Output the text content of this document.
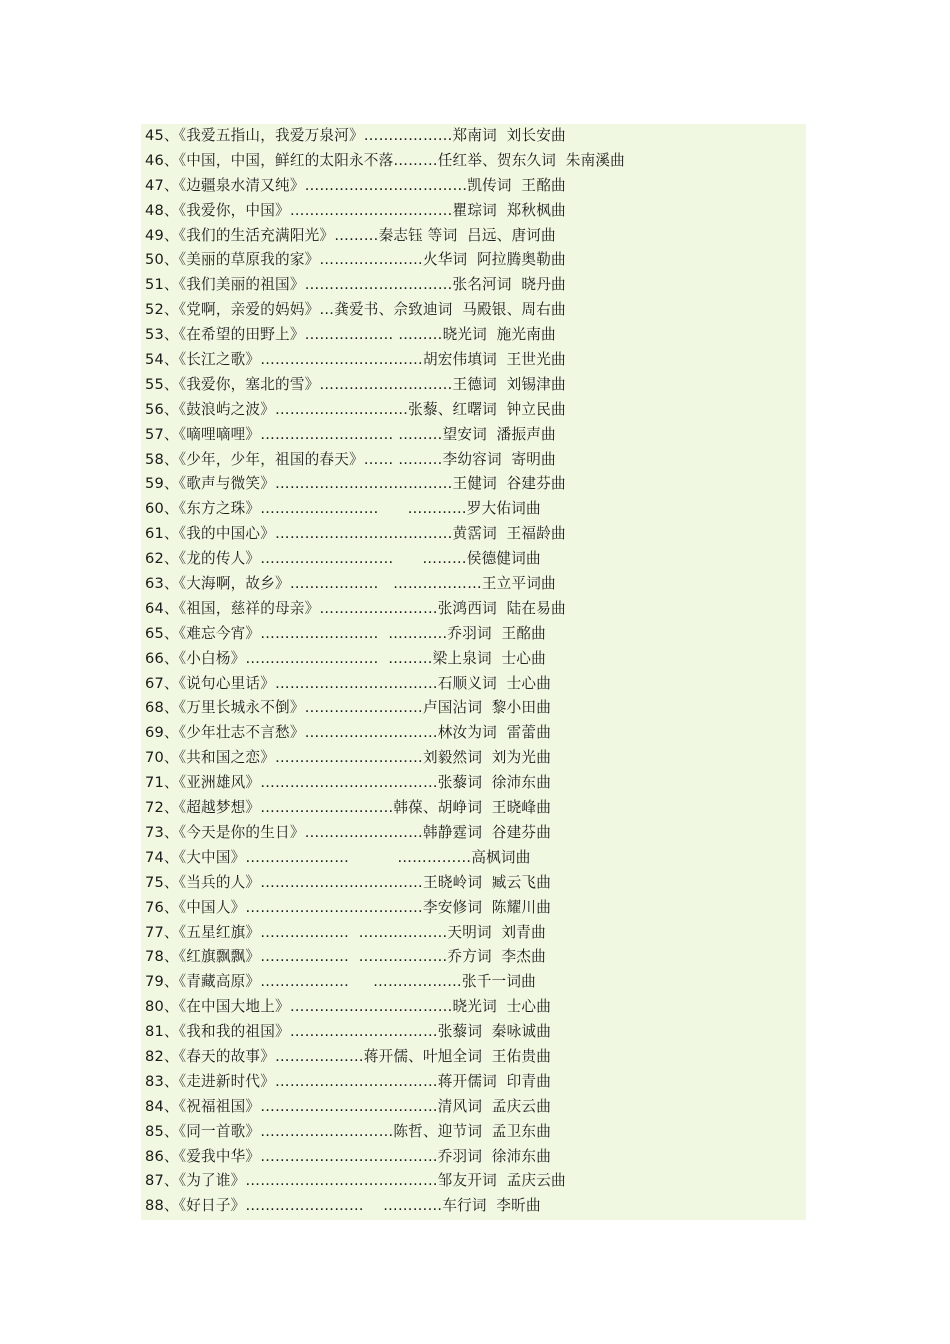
45、《我爱五指山，我爱万泉河》………………郑南词  刘长安曲
46、《中国，中国，鲜红的太阳永不落………任红举、贺东久词  朱南溪曲
47、《边疆泉水清又纯》……………………………凯传词  王酩曲
48、《我爱你，中国》……………………………瞿琮词  郑秋枫曲
49、《我们的生活充满阳光》………秦志钰 等词  吕远、唐诃曲
50、《美丽的草原我的家》…………………火华词  阿拉腾奥勒曲
51、《我们美丽的祖国》…………………………张名河词  晓丹曲
52、《党啊，亲爱的妈妈》…龚爱书、佘致迪词  马殿银、周右曲
53、《在希望的田野上》……………… ………晓光词  施光南曲
54、《长江之歌》……………………………胡宏伟填词  王世光曲
55、《我爱你，塞北的雪》………………………王德词  刘锡津曲
56、《鼓浪屿之波》………………………张藜、红曙词  钟立民曲
57、《嘀哩嘀哩》……………………… ………望安词  潘振声曲
58、《少年，少年，祖国的春天》…… ………李幼容词  寄明曲
59、《歌声与微笑》………………………………王健词  谷建芬曲
60、《东方之珠》……………………      …………罗大佑词曲
61、《我的中国心》………………………………黄霑词  王福龄曲
62、《龙的传人》………………………      ………侯德健词曲
63、《大海啊，故乡》………………   ………………王立平词曲
64、《祖国，慈祥的母亲》……………………张鸿西词  陆在易曲
65、《难忘今宵》……………………  …………乔羽词  王酩曲
66、《小白杨》………………………  ………梁上泉词  士心曲
67、《说句心里话》……………………………石顺义词  士心曲
68、《万里长城永不倒》……………………卢国沾词  黎小田曲
69、《少年壮志不言愁》………………………林汝为词  雷蕾曲
70、《共和国之恋》…………………………刘毅然词  刘为光曲
71、《亚洲雄风》………………………………张藜词  徐沛东曲
72、《超越梦想》………………………韩葆、胡峥词  王晓峰曲
73、《今天是你的生日》……………………韩静霆词  谷建芬曲
74、《大中国》…………………          ……………高枫词曲
75、《当兵的人》……………………………王晓岭词  臧云飞曲
76、《中国人》………………………………李安修词  陈耀川曲
77、《五星红旗》………………  ………………天明词  刘青曲
78、《红旗飘飘》………………  ………………乔方词  李杰曲
79、《青藏高原》………………     ………………张千一词曲
80、《在中国大地上》……………………………晓光词  士心曲
81、《我和我的祖国》…………………………张藜词  秦咏诚曲
82、《春天的故事》………………蒋开儒、叶旭全词  王佑贵曲
83、《走进新时代》……………………………蒋开儒词  印青曲
84、《祝福祖国》………………………………清风词  孟庆云曲
85、《同一首歌》………………………陈哲、迎节词  孟卫东曲
86、《爱我中华》………………………………乔羽词  徐沛东曲
87、《为了谁》…………………………………邹友开词  孟庆云曲
88、《好日子》……………………    …………车行词  李昕曲
